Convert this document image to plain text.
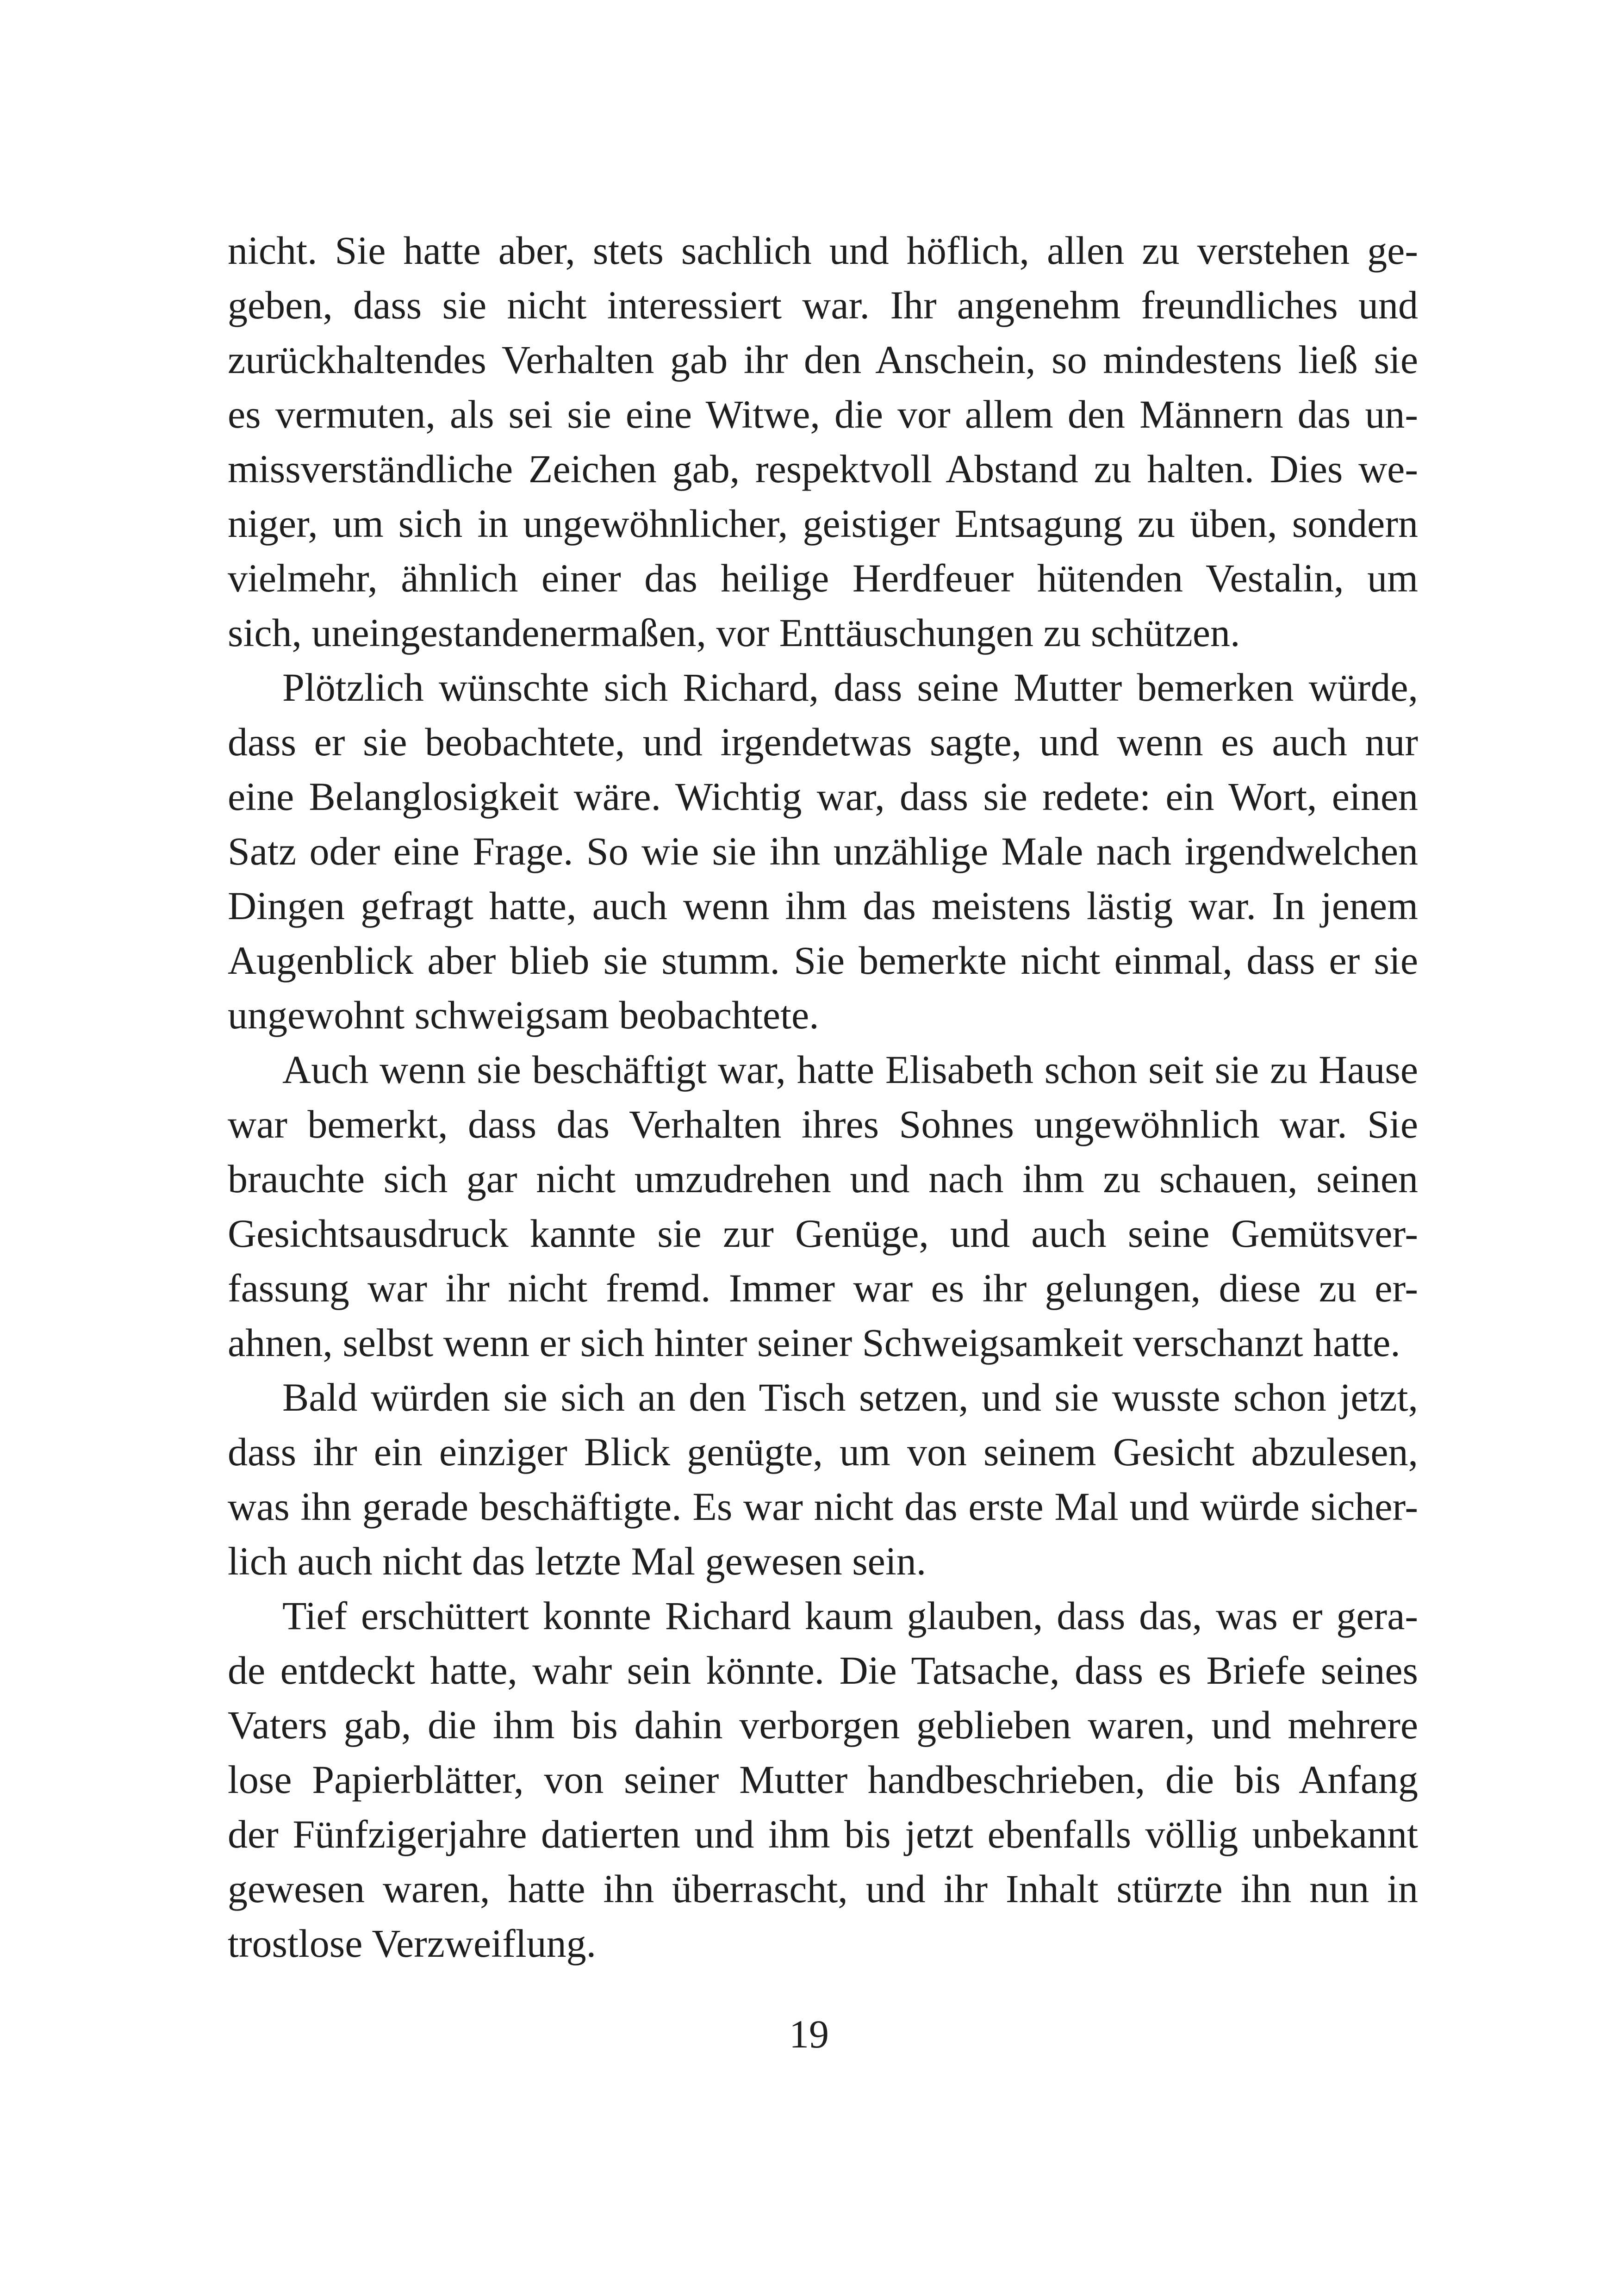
nicht. Sie hatte aber, stets sachlich und höflich, allen zu verstehen ge-
geben, dass sie nicht interessiert war. Ihr angenehm freundliches und
zurückhaltendes Verhalten gab ihr den Anschein, so mindestens ließ sie
es vermuten, als sei sie eine Witwe, die vor allem den Männern das un-
missverständliche Zeichen gab, respektvoll Abstand zu halten. Dies we-
niger, um sich in ungewöhnlicher, geistiger Entsagung zu üben, sondern
vielmehr, ähnlich einer das heilige Herdfeuer hütenden Vestalin, um
sich, uneingestandenermaßen, vor Enttäuschungen zu schützen.
Plötzlich wünschte sich Richard, dass seine Mutter bemerken würde,
dass er sie beobachtete, und irgendetwas sagte, und wenn es auch nur
eine Belanglosigkeit wäre. Wichtig war, dass sie redete: ein Wort, einen
Satz oder eine Frage. So wie sie ihn unzählige Male nach irgendwelchen
Dingen gefragt hatte, auch wenn ihm das meistens lästig war. In jenem
Augenblick aber blieb sie stumm. Sie bemerkte nicht einmal, dass er sie
ungewohnt schweigsam beobachtete.
Auch wenn sie beschäftigt war, hatte Elisabeth schon seit sie zu Hause
war bemerkt, dass das Verhalten ihres Sohnes ungewöhnlich war. Sie
brauchte sich gar nicht umzudrehen und nach ihm zu schauen, seinen
Gesichtsausdruck kannte sie zur Genüge, und auch seine Gemütsver-
fassung war ihr nicht fremd. Immer war es ihr gelungen, diese zu er-
ahnen, selbst wenn er sich hinter seiner Schweigsamkeit verschanzt hatte.
Bald würden sie sich an den Tisch setzen, und sie wusste schon jetzt,
dass ihr ein einziger Blick genügte, um von seinem Gesicht abzulesen,
was ihn gerade beschäftigte. Es war nicht das erste Mal und würde sicher-
lich auch nicht das letzte Mal gewesen sein.
Tief erschüttert konnte Richard kaum glauben, dass das, was er gera-
de entdeckt hatte, wahr sein könnte. Die Tatsache, dass es Briefe seines
Vaters gab, die ihm bis dahin verborgen geblieben waren, und mehrere
lose Papierblätter, von seiner Mutter handbeschrieben, die bis Anfang
der Fünfzigerjahre datierten und ihm bis jetzt ebenfalls völlig unbekannt
gewesen waren, hatte ihn überrascht, und ihr Inhalt stürzte ihn nun in
trostlose Verzweiflung.
19
